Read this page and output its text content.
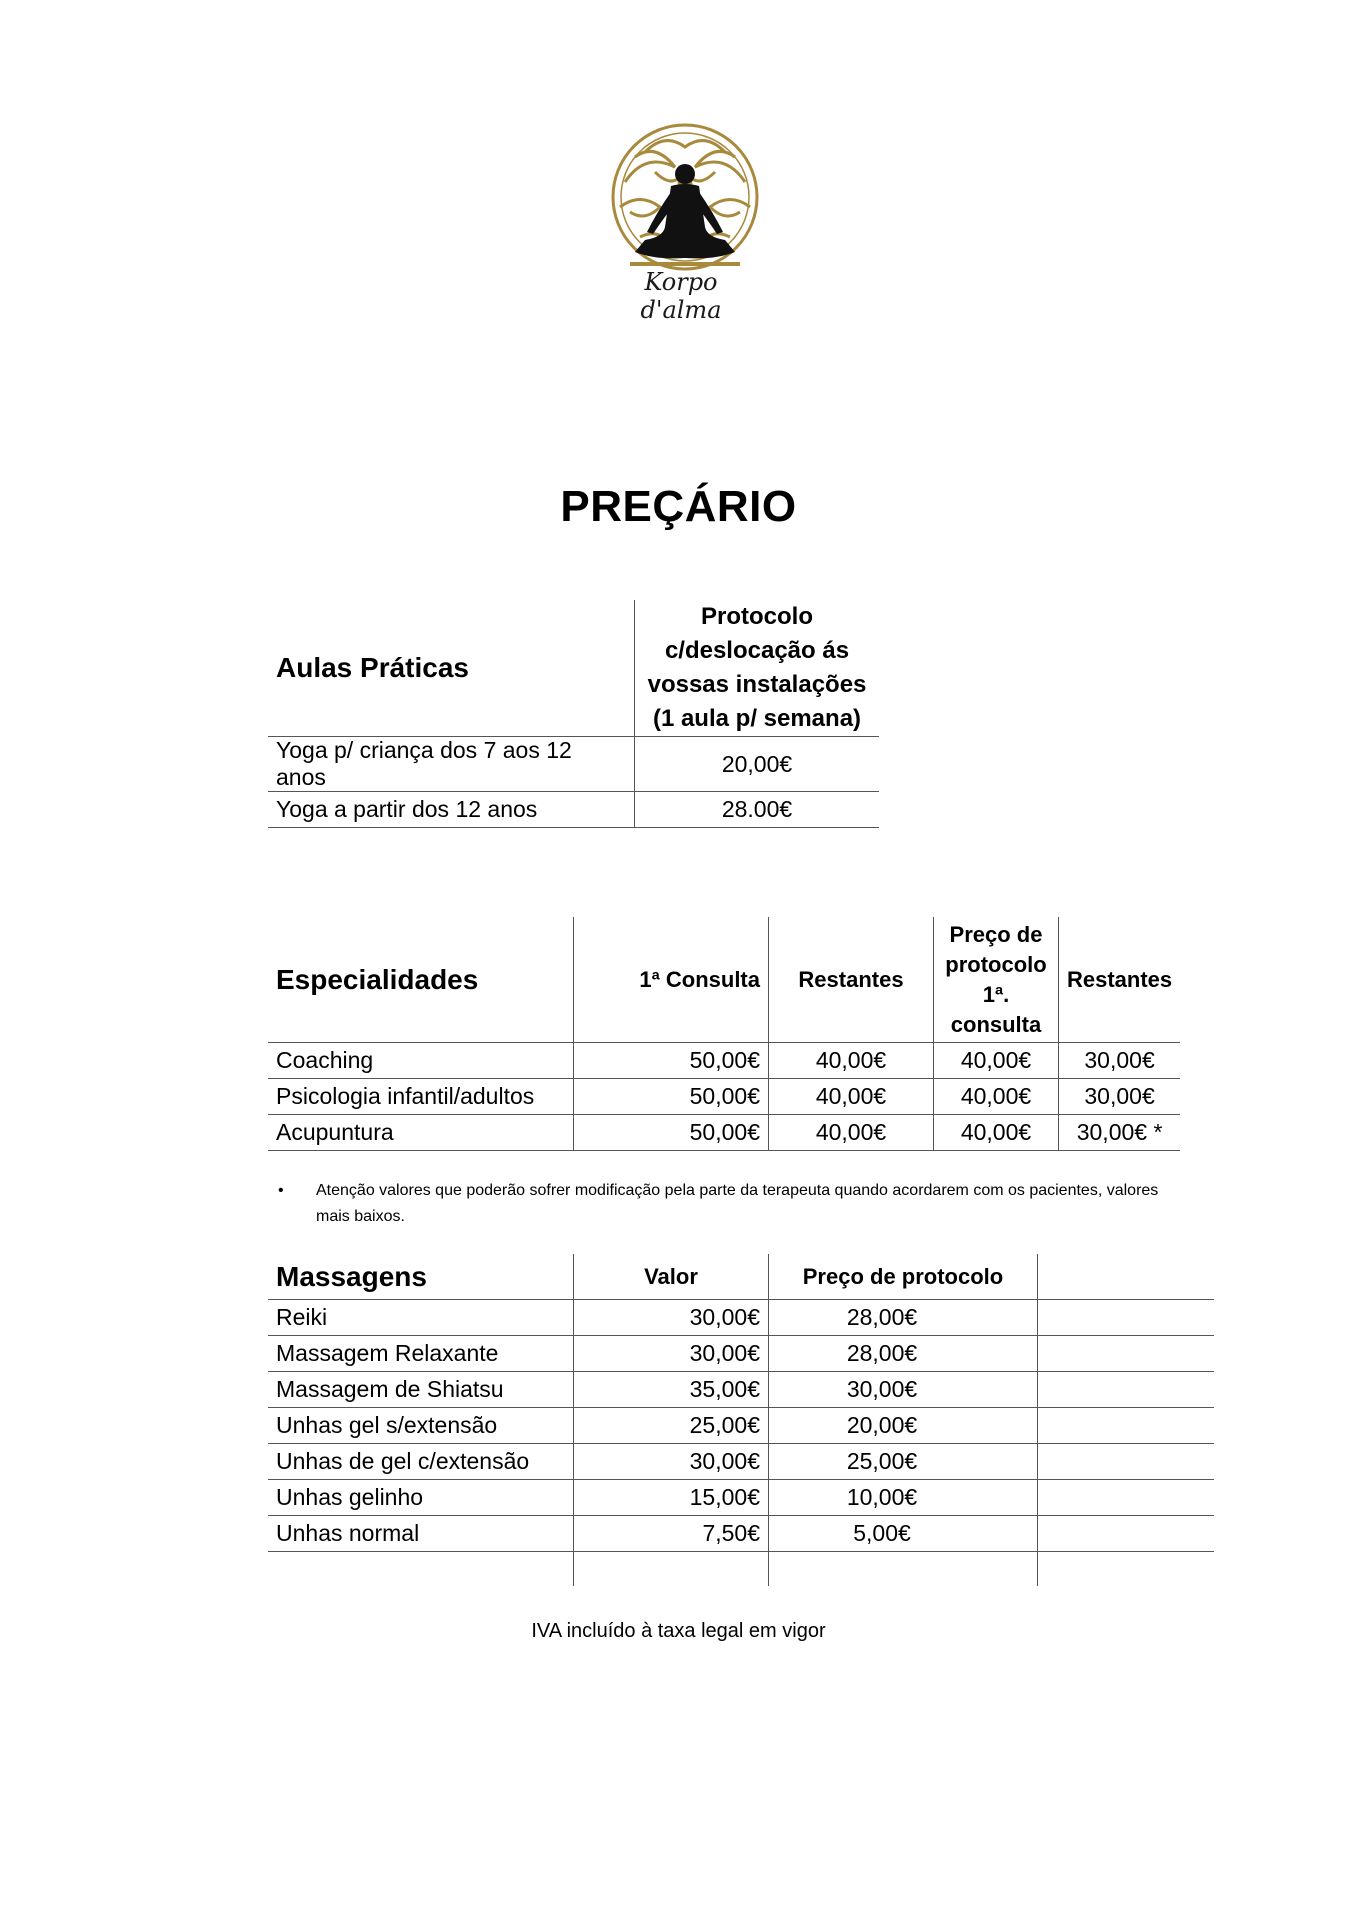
Korpo d'alma
PREÇÁRIO
Aulas Práticas	Protocolo
c/deslocação ás
vossas instalações
(1 aula p/ semana)

Yoga p/ criança dos 7 aos 12 anos	20,00€
Yoga a partir dos 12 anos	28.00€
Especialidades	1ª Consulta	Restantes	Preço de
protocolo
1ª.
consulta	Restantes
Coaching	50,00€	40,00€	40,00€	30,00€
Psicologia infantil/adultos	50,00€	40,00€	40,00€	30,00€
Acupuntura	50,00€	40,00€	40,00€	30,00€ *
• Atenção valores que poderão sofrer modificação pela parte da terapeuta quando acordarem com os pacientes, valores mais baixos.
Massagens	Valor	Preço de protocolo	
Reiki	30,00€	28,00€	
Massagem Relaxante	30,00€	28,00€	
Massagem de Shiatsu	35,00€	30,00€	
Unhas gel s/extensão	25,00€	20,00€	
Unhas de gel c/extensão	30,00€	25,00€	
Unhas gelinho	15,00€	10,00€	
Unhas normal	7,50€	5,00€	

IVA incluído à taxa legal em vigor
